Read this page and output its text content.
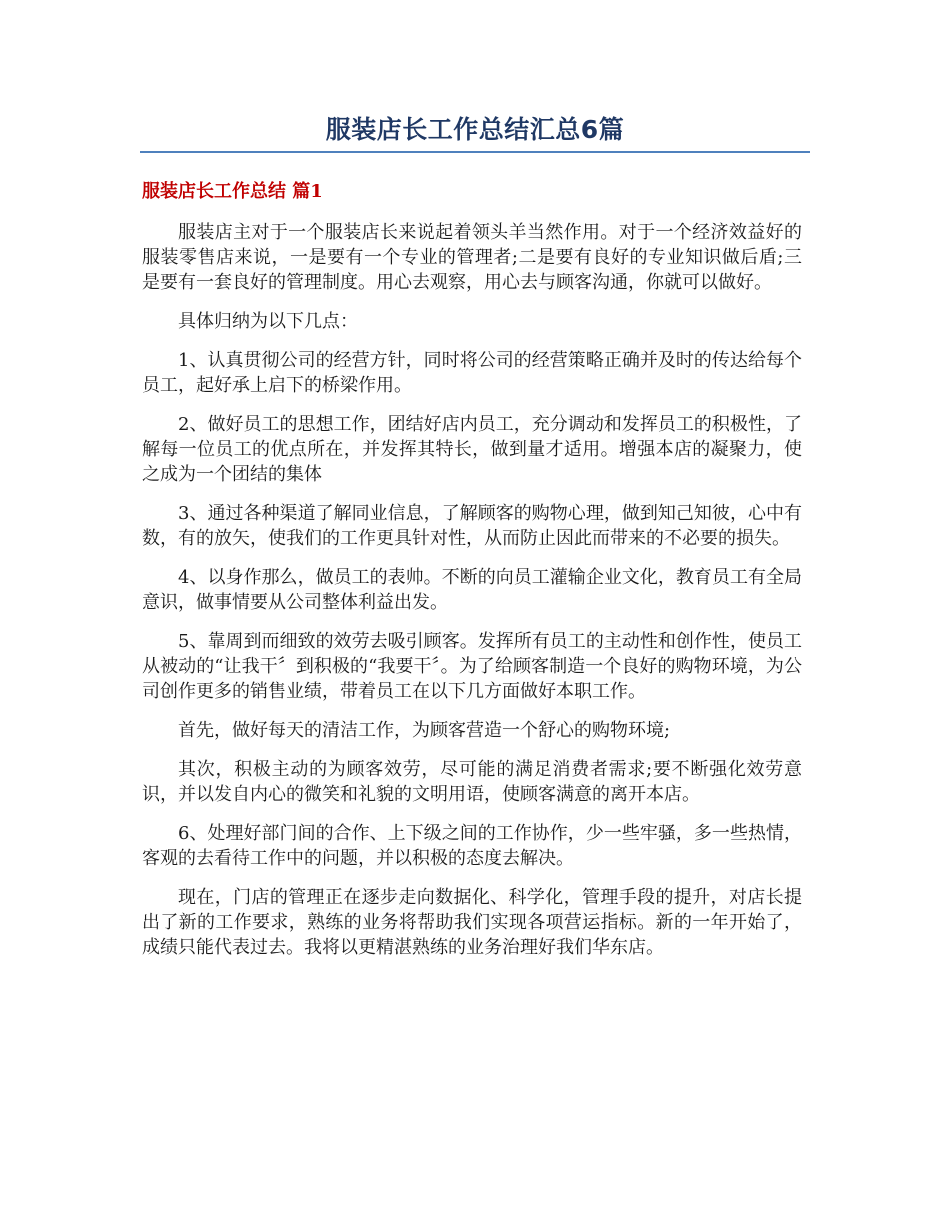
服装店长工作总结汇总6篇
服装店长工作总结 篇1

服装店主对于一个服装店长来说起着领头羊当然作用。对于一个经济效益好的服装零售店来说，一是要有一个专业的管理者;二是要有良好的专业知识做后盾;三是要有一套良好的管理制度。用心去观察，用心去与顾客沟通，你就可以做好。

具体归纳为以下几点：

1、认真贯彻公司的经营方针，同时将公司的经营策略正确并及时的传达给每个员工，起好承上启下的桥梁作用。

2、做好员工的思想工作，团结好店内员工，充分调动和发挥员工的积极性，了解每一位员工的优点所在，并发挥其特长，做到量才适用。增强本店的凝聚力，使之成为一个团结的集体

3、通过各种渠道了解同业信息，了解顾客的购物心理，做到知己知彼，心中有数，有的放矢，使我们的工作更具针对性，从而防止因此而带来的不必要的损失。

4、以身作那么，做员工的表帅。不断的向员工灌输企业文化，教育员工有全局意识，做事情要从公司整体利益出发。

5、靠周到而细致的效劳去吸引顾客。发挥所有员工的主动性和创作性，使员工从被动的“让我干〞到积极的“我要干〞。为了给顾客制造一个良好的购物环境，为公司创作更多的销售业绩，带着员工在以下几方面做好本职工作。

首先，做好每天的清洁工作，为顾客营造一个舒心的购物环境;

其次，积极主动的为顾客效劳，尽可能的满足消费者需求;要不断强化效劳意识，并以发自内心的微笑和礼貌的文明用语，使顾客满意的离开本店。

6、处理好部门间的合作、上下级之间的工作协作，少一些牢骚，多一些热情，客观的去看待工作中的问题，并以积极的态度去解决。

现在，门店的管理正在逐步走向数据化、科学化，管理手段的提升，对店长提出了新的工作要求，熟练的业务将帮助我们实现各项营运指标。新的一年开始了，成绩只能代表过去。我将以更精湛熟练的业务治理好我们华东店。
